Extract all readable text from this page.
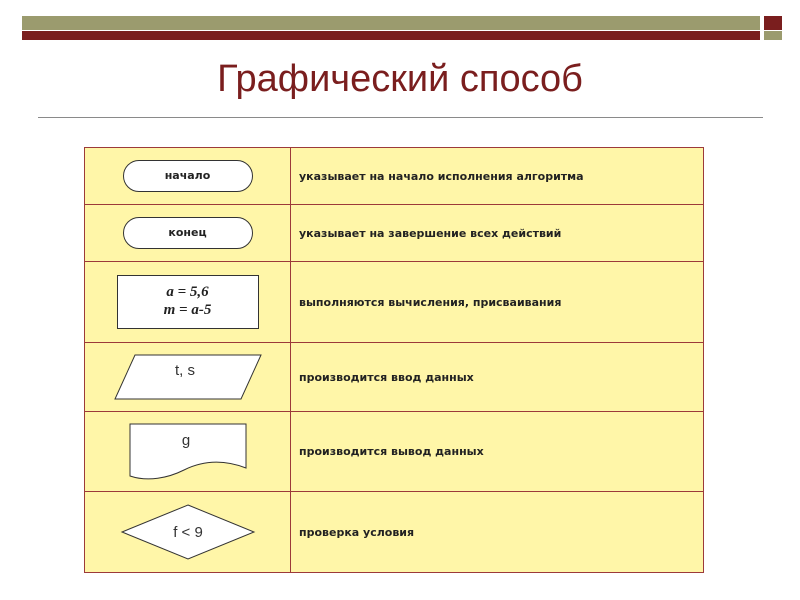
Графический способ
начало	указывает на начало исполнения алгоритма
конец	указывает на завершение всех действий

a = 5,6
m = a-5	выполняются вычисления, присваивания

t, s	производится ввод данных

g	производится вывод данных

f < 9	проверка условия
